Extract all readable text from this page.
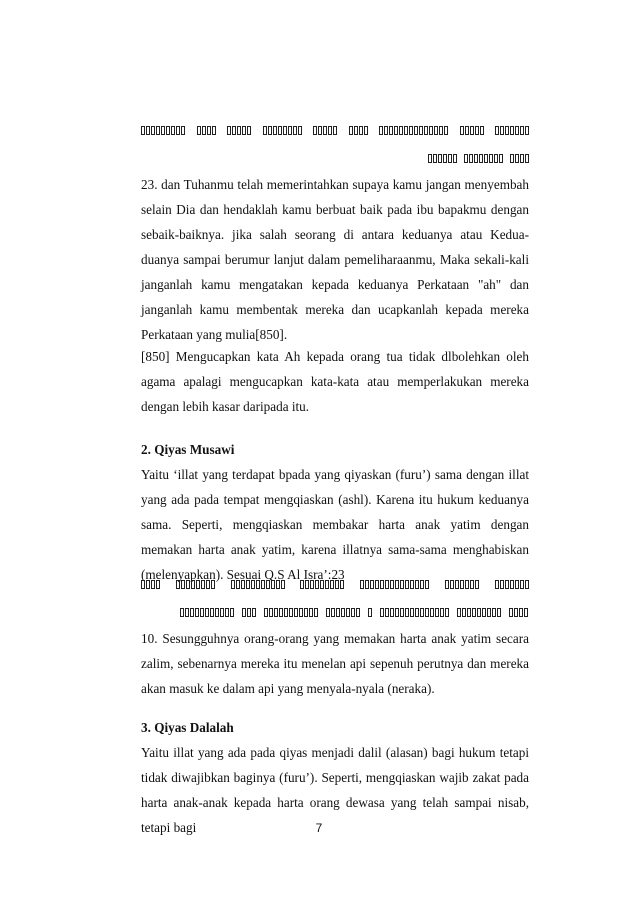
23. dan Tuhanmu telah memerintahkan supaya kamu jangan menyembah selain Dia dan hendaklah kamu berbuat baik pada ibu bapakmu dengan sebaik-baiknya. jika salah seorang di antara keduanya atau Kedua-duanya sampai berumur lanjut dalam pemeliharaanmu, Maka sekali-kali janganlah kamu mengatakan kepada keduanya Perkataan "ah" dan janganlah kamu membentak mereka dan ucapkanlah kepada mereka Perkataan yang mulia[850].

[850] Mengucapkan kata Ah kepada orang tua tidak dlbolehkan oleh agama apalagi mengucapkan kata-kata atau memperlakukan mereka dengan lebih kasar daripada itu.

2. Qiyas Musawi

Yaitu ‘illat yang terdapat bpada yang qiyaskan (furu’) sama dengan illat yang ada pada tempat mengqiaskan (ashl). Karena itu hukum keduanya sama. Seperti, mengqiaskan membakar harta anak yatim dengan memakan harta anak yatim, karena illatnya sama-sama menghabiskan (melenyapkan). Sesuai Q.S Al Isra’:23

10. Sesungguhnya orang-orang yang memakan harta anak yatim secara zalim, sebenarnya mereka itu menelan api sepenuh perutnya dan mereka akan masuk ke dalam api yang menyala-nyala (neraka).

3. Qiyas Dalalah

Yaitu illat yang ada pada qiyas menjadi dalil (alasan) bagi hukum tetapi tidak diwajibkan baginya (furu’). Seperti, mengqiaskan wajib zakat pada harta anak-anak kepada harta orang dewasa yang telah sampai nisab, tetapi bagi	7
